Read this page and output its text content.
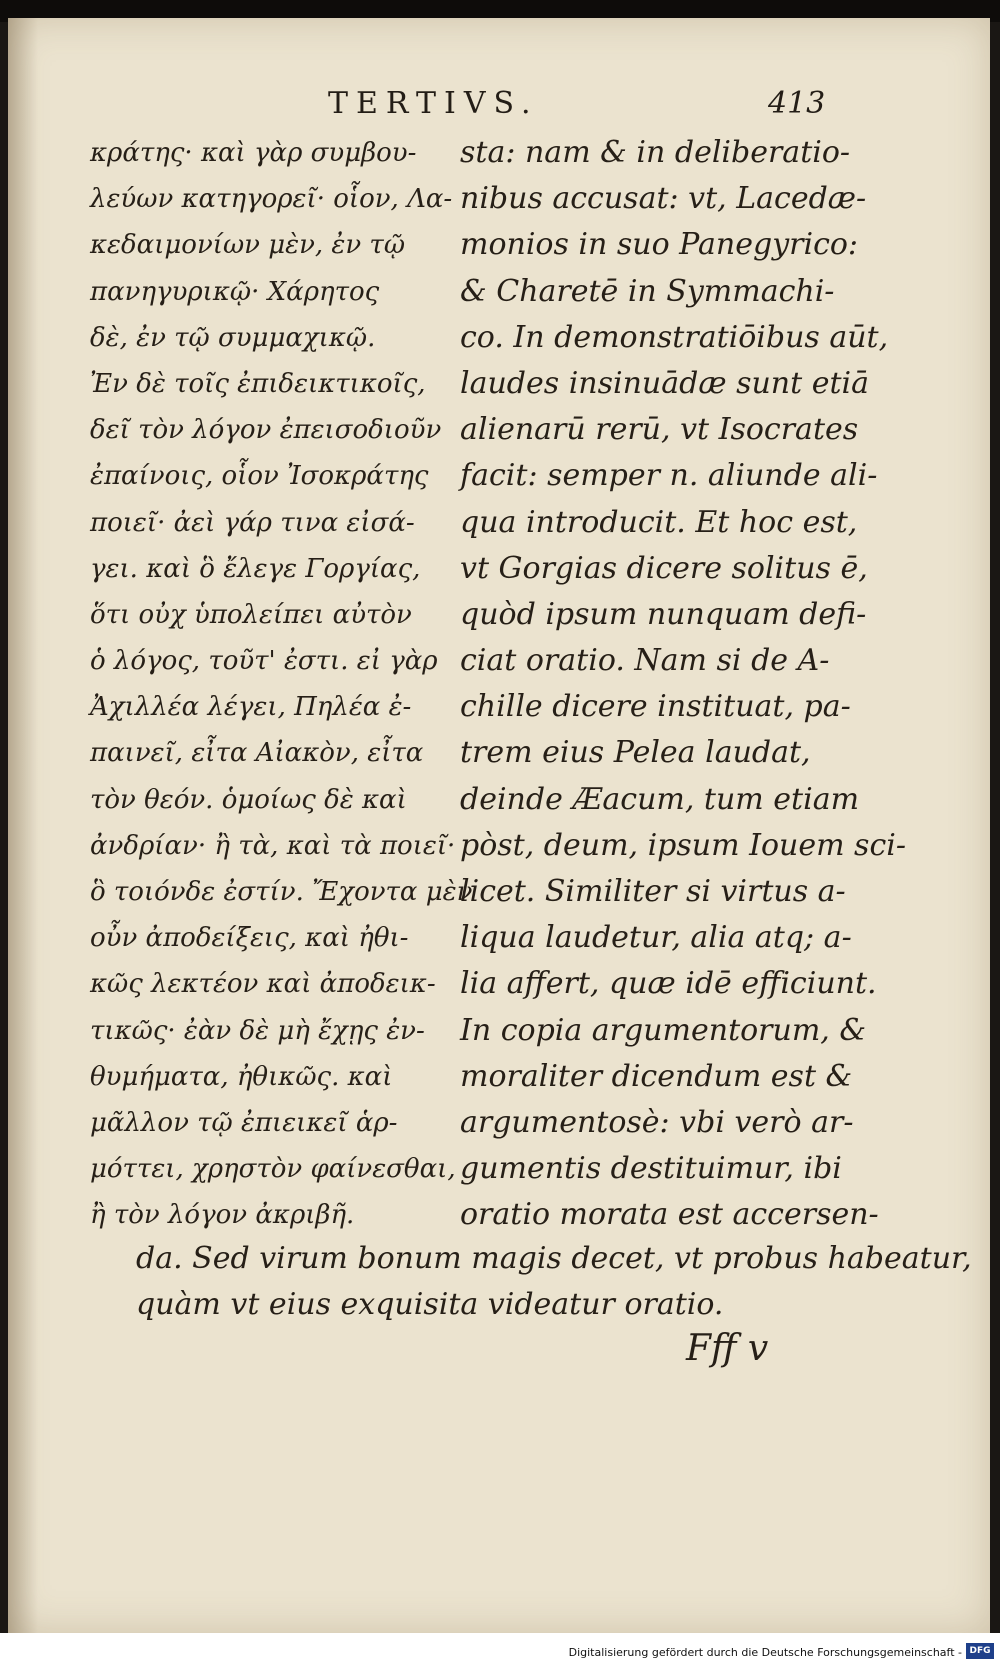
TERTIVS.	413
κράτης· καὶ γὰρ συμβου-
λεύων κατηγορεῖ· οἷον, Λα-
κεδαιμονίων μὲν, ἐν τῷ
πανηγυρικῷ· Χάρητος
δὲ, ἐν τῷ συμμαχικῷ.
Ἐν δὲ τοῖς ἐπιδεικτικοῖς,
δεῖ τὸν λόγον ἐπεισοδιοῦν
ἐπαίνοις, οἷον Ἰσοκράτης
ποιεῖ· ἀεὶ γάρ τινα εἰσά-
γει. καὶ ὃ ἔλεγε Γοργίας,
ὅτι οὐχ ὑπολείπει αὐτὸν
ὁ λόγος, τοῦτ' ἐστι. εἰ γὰρ
Ἀχιλλέα λέγει, Πηλέα ἐ-
παινεῖ, εἶτα Αἰακὸν, εἶτα
τὸν θεόν. ὁμοίως δὲ καὶ
ἀνδρίαν· ἢ τὰ, καὶ τὰ ποιεῖ·
ὃ τοιόνδε ἐστίν. Ἔχοντα μὲν
οὖν ἀποδείξεις, καὶ ἠθι-
κῶς λεκτέον καὶ ἀποδεικ-
τικῶς· ἐὰν δὲ μὴ ἔχῃς ἐν-
θυμήματα, ἠθικῶς. καὶ
μᾶλλον τῷ ἐπιεικεῖ ἁρ-
μόττει, χρηστὸν φαίνεσθαι,
ἢ τὸν λόγον ἀκριβῆ.
sta: nam & in deliberatio-
nibus accusat: vt, Lacedæ-
monios in suo Panegyrico:
& Charetē in Symmachi-
co. In demonstratiōibus aūt,
laudes insinuādæ sunt etiā
alienarū rerū, vt Isocrates
facit: semper n. aliunde ali-
qua introducit. Et hoc est,
vt Gorgias dicere solitus ē,
quòd ipsum nunquam defi-
ciat oratio. Nam si de A-
chille dicere instituat, pa-
trem eius Pelea laudat,
deinde Æacum, tum etiam
pòst, deum, ipsum Iouem sci-
licet. Similiter si virtus a-
liqua laudetur, alia atq; a-
lia affert, quæ idē efficiunt.
In copia argumentorum, &
moraliter dicendum est &
argumentosè: vbi verò ar-
gumentis destituimur, ibi
oratio morata est accersen-
da. Sed virum bonum magis decet, vt probus habeatur,
quàm vt eius exquisita videatur oratio.
Fff v
Digitalisierung gefördert durch die Deutsche Forschungsgemeinschaft - DFG
